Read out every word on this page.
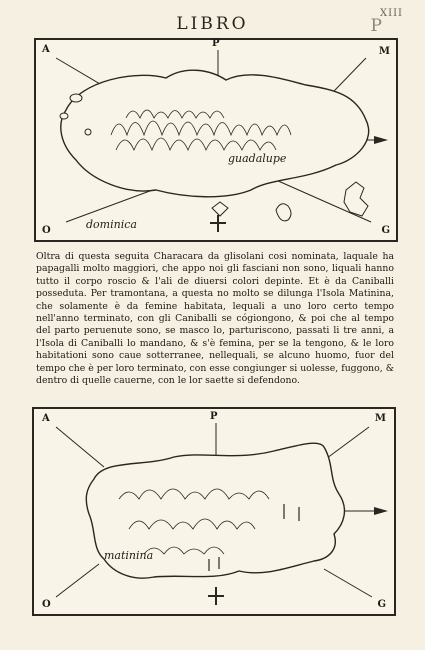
LIBRO	P
XIII
A
P
M
G
O
guadalupe
dominica

Oltra di questa seguita Characara da glisolani cosi nominata, laquale ha papagalli molto maggiori, che appo noi gli fasciani non sono, liquali hanno tutto il corpo roscio & l'ali de diuersi colori depinte. Et è da Caniballi posseduta. Per tramontana, a questa no molto se dilunga l'Isola Matinina, che solamente è da femine habitata, lequali a uno loro certo tempo nell'anno terminato, con gli Caniballi se cógiongono, & poi che al tempo del parto peruenute sono, se masco lo, parturiscono, passati li tre anni, a l'Isola di Caniballi lo mandano, & s'è femina, per se la tengono, & le loro habitationi sono caue sotterranee, nellequali, se alcuno huomo, fuor del tempo che è per loro terminato, con esse congiunger si uolesse, fuggono, & dentro di quelle cauerne, con le lor saette si defendono.

A	P	M
G
O
matinina
